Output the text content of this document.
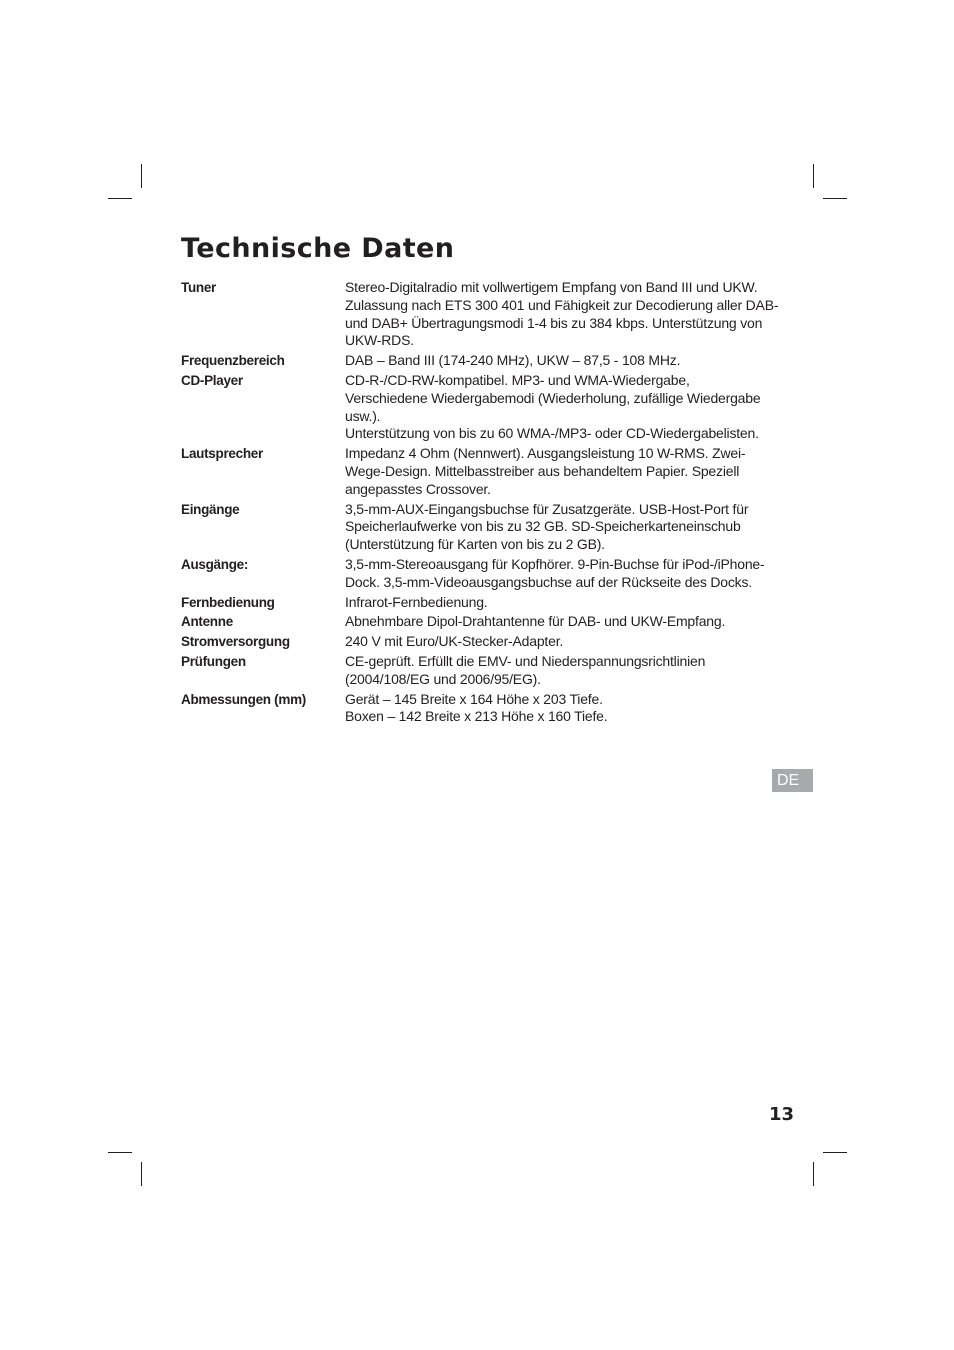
Technische Daten
Tuner	Stereo-Digitalradio mit vollwertigem Empfang von Band III und UKW.
Zulassung nach ETS 300 401 und Fähigkeit zur Decodierung aller DAB-
und DAB+ Übertragungsmodi 1-4 bis zu 384 kbps. Unterstützung von
UKW-RDS.
Frequenzbereich	DAB – Band III (174-240 MHz), UKW – 87,5 - 108 MHz.
CD-Player	CD-R-/CD-RW-kompatibel. MP3- und WMA-Wiedergabe,
Verschiedene Wiedergabemodi (Wiederholung, zufällige Wiedergabe
usw.).
Unterstützung von bis zu 60 WMA-/MP3- oder CD-Wiedergabelisten.
Lautsprecher	Impedanz 4 Ohm (Nennwert). Ausgangsleistung 10 W-RMS. Zwei-
Wege-Design. Mittelbasstreiber aus behandeltem Papier. Speziell
angepasstes Crossover.
Eingänge	3,5-mm-AUX-Eingangsbuchse für Zusatzgeräte. USB-Host-Port für
Speicherlaufwerke von bis zu 32 GB. SD-Speicherkarteneinschub
(Unterstützung für Karten von bis zu 2 GB).
Ausgänge:	3,5-mm-Stereoausgang für Kopfhörer. 9-Pin-Buchse für iPod-/iPhone-
Dock. 3,5-mm-Videoausgangsbuchse auf der Rückseite des Docks.
Fernbedienung	Infrarot-Fernbedienung.
Antenne	Abnehmbare Dipol-Drahtantenne für DAB- und UKW-Empfang.
Stromversorgung	240 V mit Euro/UK-Stecker-Adapter.
Prüfungen	CE-geprüft. Erfüllt die EMV- und Niederspannungsrichtlinien
(2004/108/EG und 2006/95/EG).
Abmessungen (mm)	Gerät – 145 Breite x 164 Höhe x 203 Tiefe.
Boxen – 142 Breite x 213 Höhe x 160 Tiefe.
DE
13
